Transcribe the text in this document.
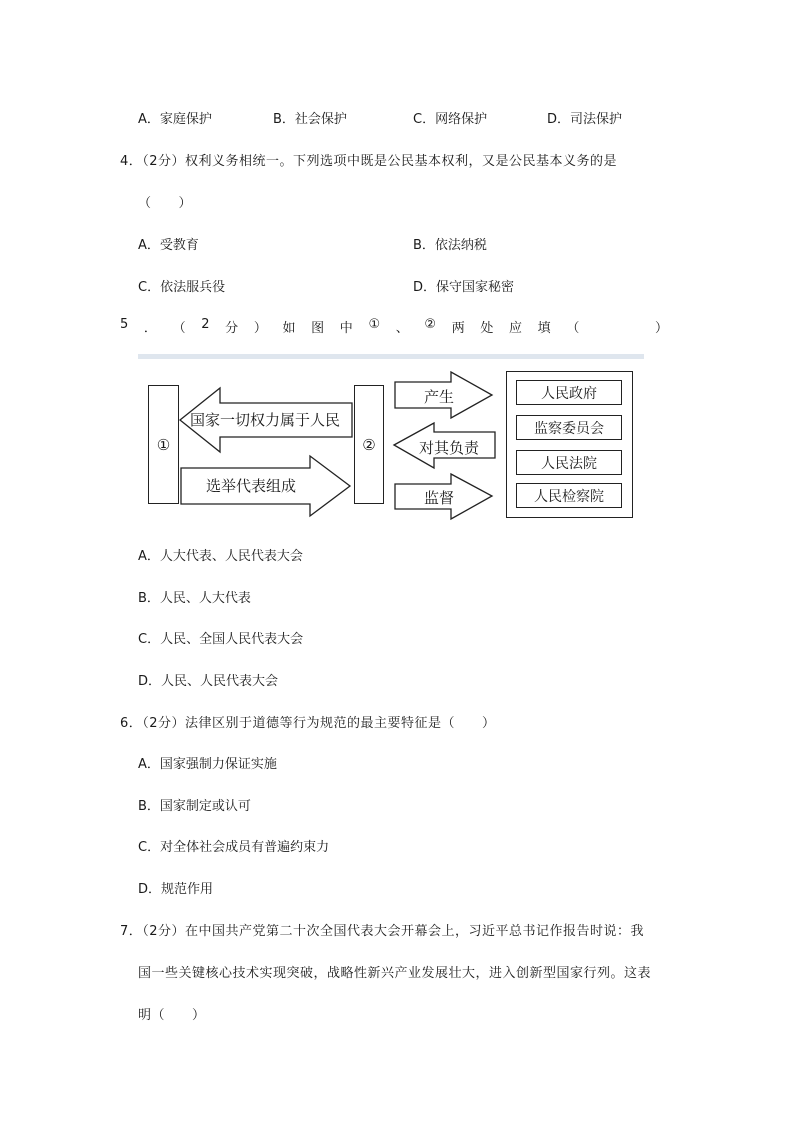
A．家庭保护	B．社会保护	C．网络保护	D．司法保护
4．（2分）权利义务相统一。下列选项中既是公民基本权利，又是公民基本义务的是
（　　）
A．受教育	B．依法纳税
C．依法服兵役	D．保守国家秘密
5 ． （ 2 分 ） 如 图 中 ① 、 ② 两 处 应 填 （	）
①	②
国家一切权力属于人民
选举代表组成
产生
对其负责
监督
人民政府
监察委员会
人民法院
人民检察院
A．人大代表、人民代表大会
B．人民、人大代表
C．人民、全国人民代表大会
D．人民、人民代表大会
6．（2分）法律区别于道德等行为规范的最主要特征是（　　）
A．国家强制力保证实施
B．国家制定或认可
C．对全体社会成员有普遍约束力
D．规范作用
7．（2分）在中国共产党第二十次全国代表大会开幕会上，习近平总书记作报告时说：我
国一些关键核心技术实现突破，战略性新兴产业发展壮大，进入创新型国家行列。这表
明（　　）
